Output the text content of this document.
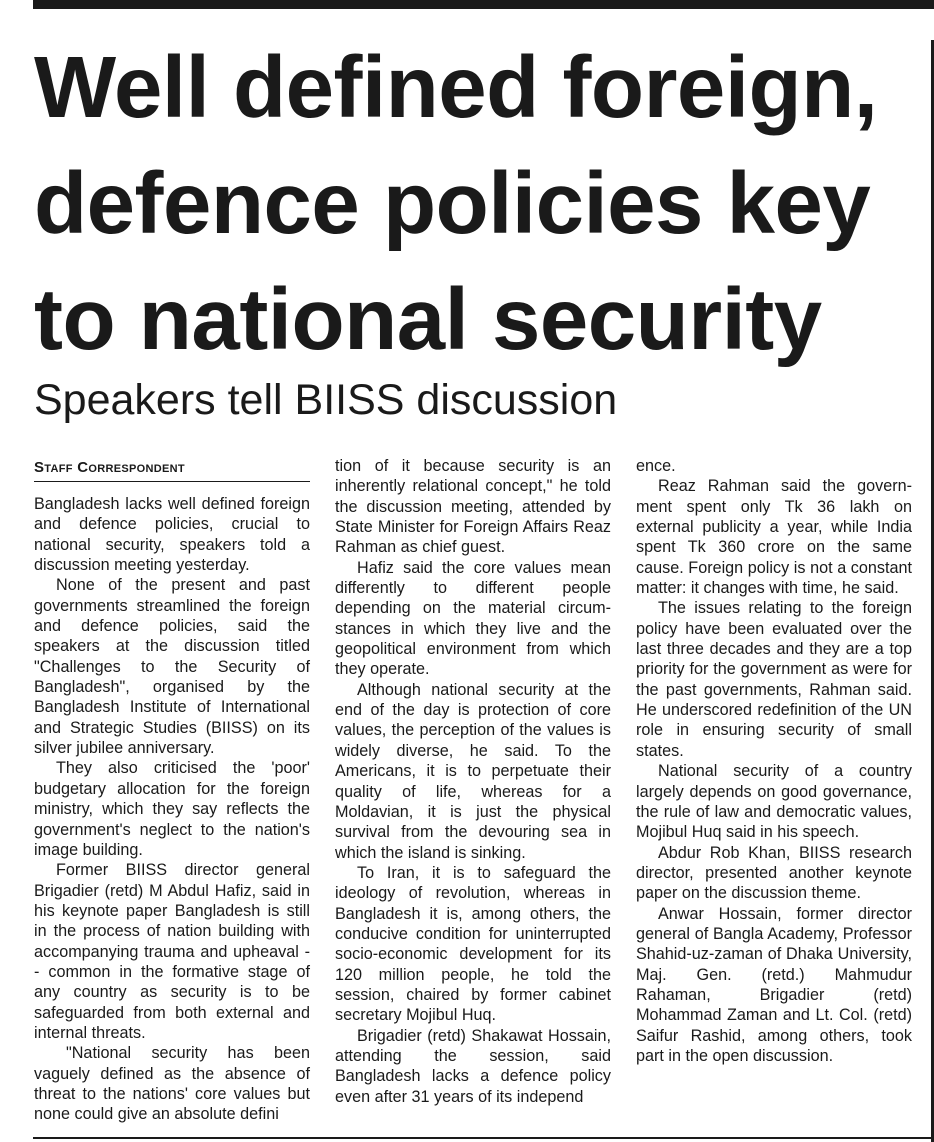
Well defined foreign,
defence policies key
to national security
Speakers tell BIISS discussion
Staff Correspondent

Bangladesh lacks well defined foreign and defence policies, crucial to national security, speakers told a discussion meeting yesterday.

None of the present and past governments streamlined the foreign and defence policies, said the speakers at the discussion titled "Challenges to the Security of Bangladesh", organised by the Bangladesh Institute of International and Strategic Studies (BIISS) on its silver jubilee anniversary.

They also criticised the 'poor' budgetary allocation for the foreign ministry, which they say reflects the government's neglect to the nation's image building.

Former BIISS director general Brigadier (retd) M Abdul Hafiz, said in his keynote paper Bangladesh is still in the process of nation building with accompanying trauma and upheaval -- common in the formative stage of any country as security is to be safeguarded from both external and internal threats.

"National security has been vaguely defined as the absence of threat to the nations' core values but none could give an absolute defini

tion of it because security is an inherently relational concept," he told the discussion meeting, attended by State Minister for Foreign Affairs Reaz Rahman as chief guest.

Hafiz said the core values mean differently to different people depending on the material circumstances in which they live and the geopolitical environment from which they operate.

Although national security at the end of the day is protection of core values, the perception of the values is widely diverse, he said. To the Americans, it is to perpetuate their quality of life, whereas for a Moldavian, it is just the physical survival from the devouring sea in which the island is sinking.

To Iran, it is to safeguard the ideology of revolution, whereas in Bangladesh it is, among others, the conducive condition for uninterrupted socio-economic development for its 120 million people, he told the session, chaired by former cabinet secretary Mojibul Huq.

Brigadier (retd) Shakawat Hossain, attending the session, said Bangladesh lacks a defence policy even after 31 years of its independ

ence.

Reaz Rahman said the government spent only Tk 36 lakh on external publicity a year, while India spent Tk 360 crore on the same cause. Foreign policy is not a constant matter: it changes with time, he said.

The issues relating to the foreign policy have been evaluated over the last three decades and they are a top priority for the government as were for the past governments, Rahman said. He underscored redefinition of the UN role in ensuring security of small states.

National security of a country largely depends on good governance, the rule of law and democratic values, Mojibul Huq said in his speech.

Abdur Rob Khan, BIISS research director, presented another keynote paper on the discussion theme.

Anwar Hossain, former director general of Bangla Academy, Professor Shahid-uz-zaman of Dhaka University, Maj. Gen. (retd.) Mahmudur Rahaman, Brigadier (retd) Mohammad Zaman and Lt. Col. (retd) Saifur Rashid, among others, took part in the open discussion.
